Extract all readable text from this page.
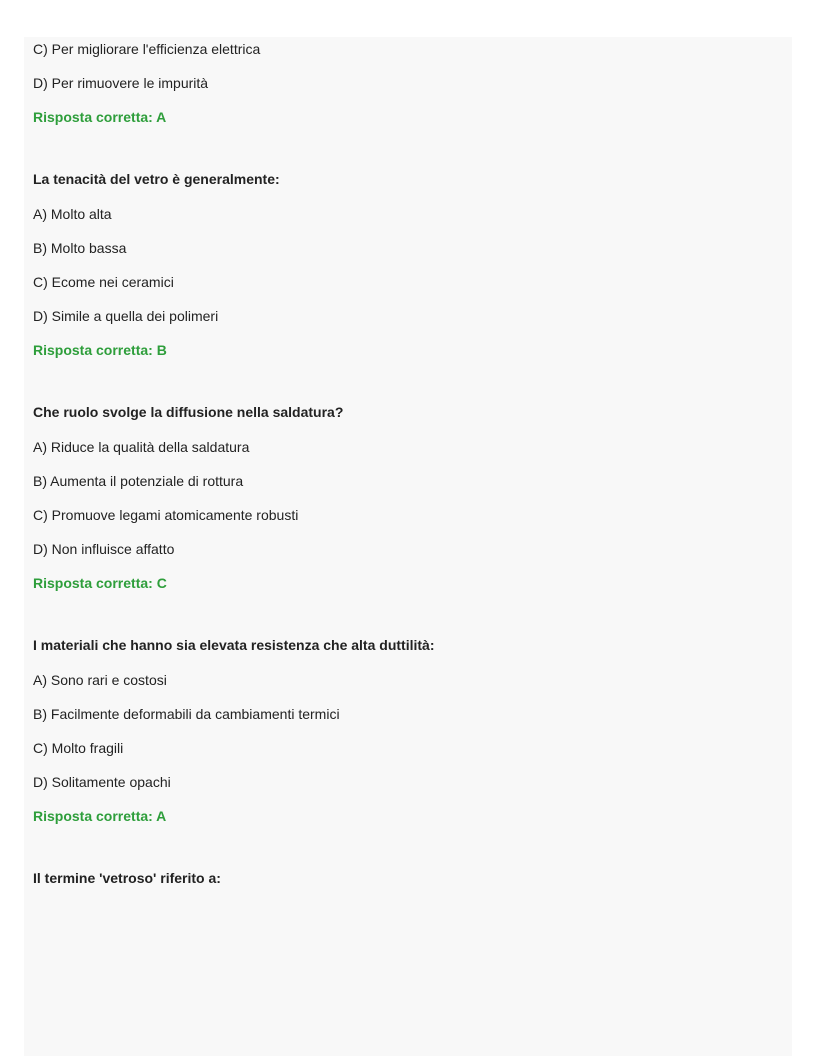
C) Per migliorare l'efficienza elettrica

D) Per rimuovere le impurità

Risposta corretta: A

La tenacità del vetro è generalmente:

A) Molto alta

B) Molto bassa

C) Ecome nei ceramici

D) Simile a quella dei polimeri

Risposta corretta: B

Che ruolo svolge la diffusione nella saldatura?

A) Riduce la qualità della saldatura

B) Aumenta il potenziale di rottura

C) Promuove legami atomicamente robusti

D) Non influisce affatto

Risposta corretta: C

I materiali che hanno sia elevata resistenza che alta duttilità:

A) Sono rari e costosi

B) Facilmente deformabili da cambiamenti termici

C) Molto fragili

D) Solitamente opachi

Risposta corretta: A

Il termine 'vetroso' riferito a:
